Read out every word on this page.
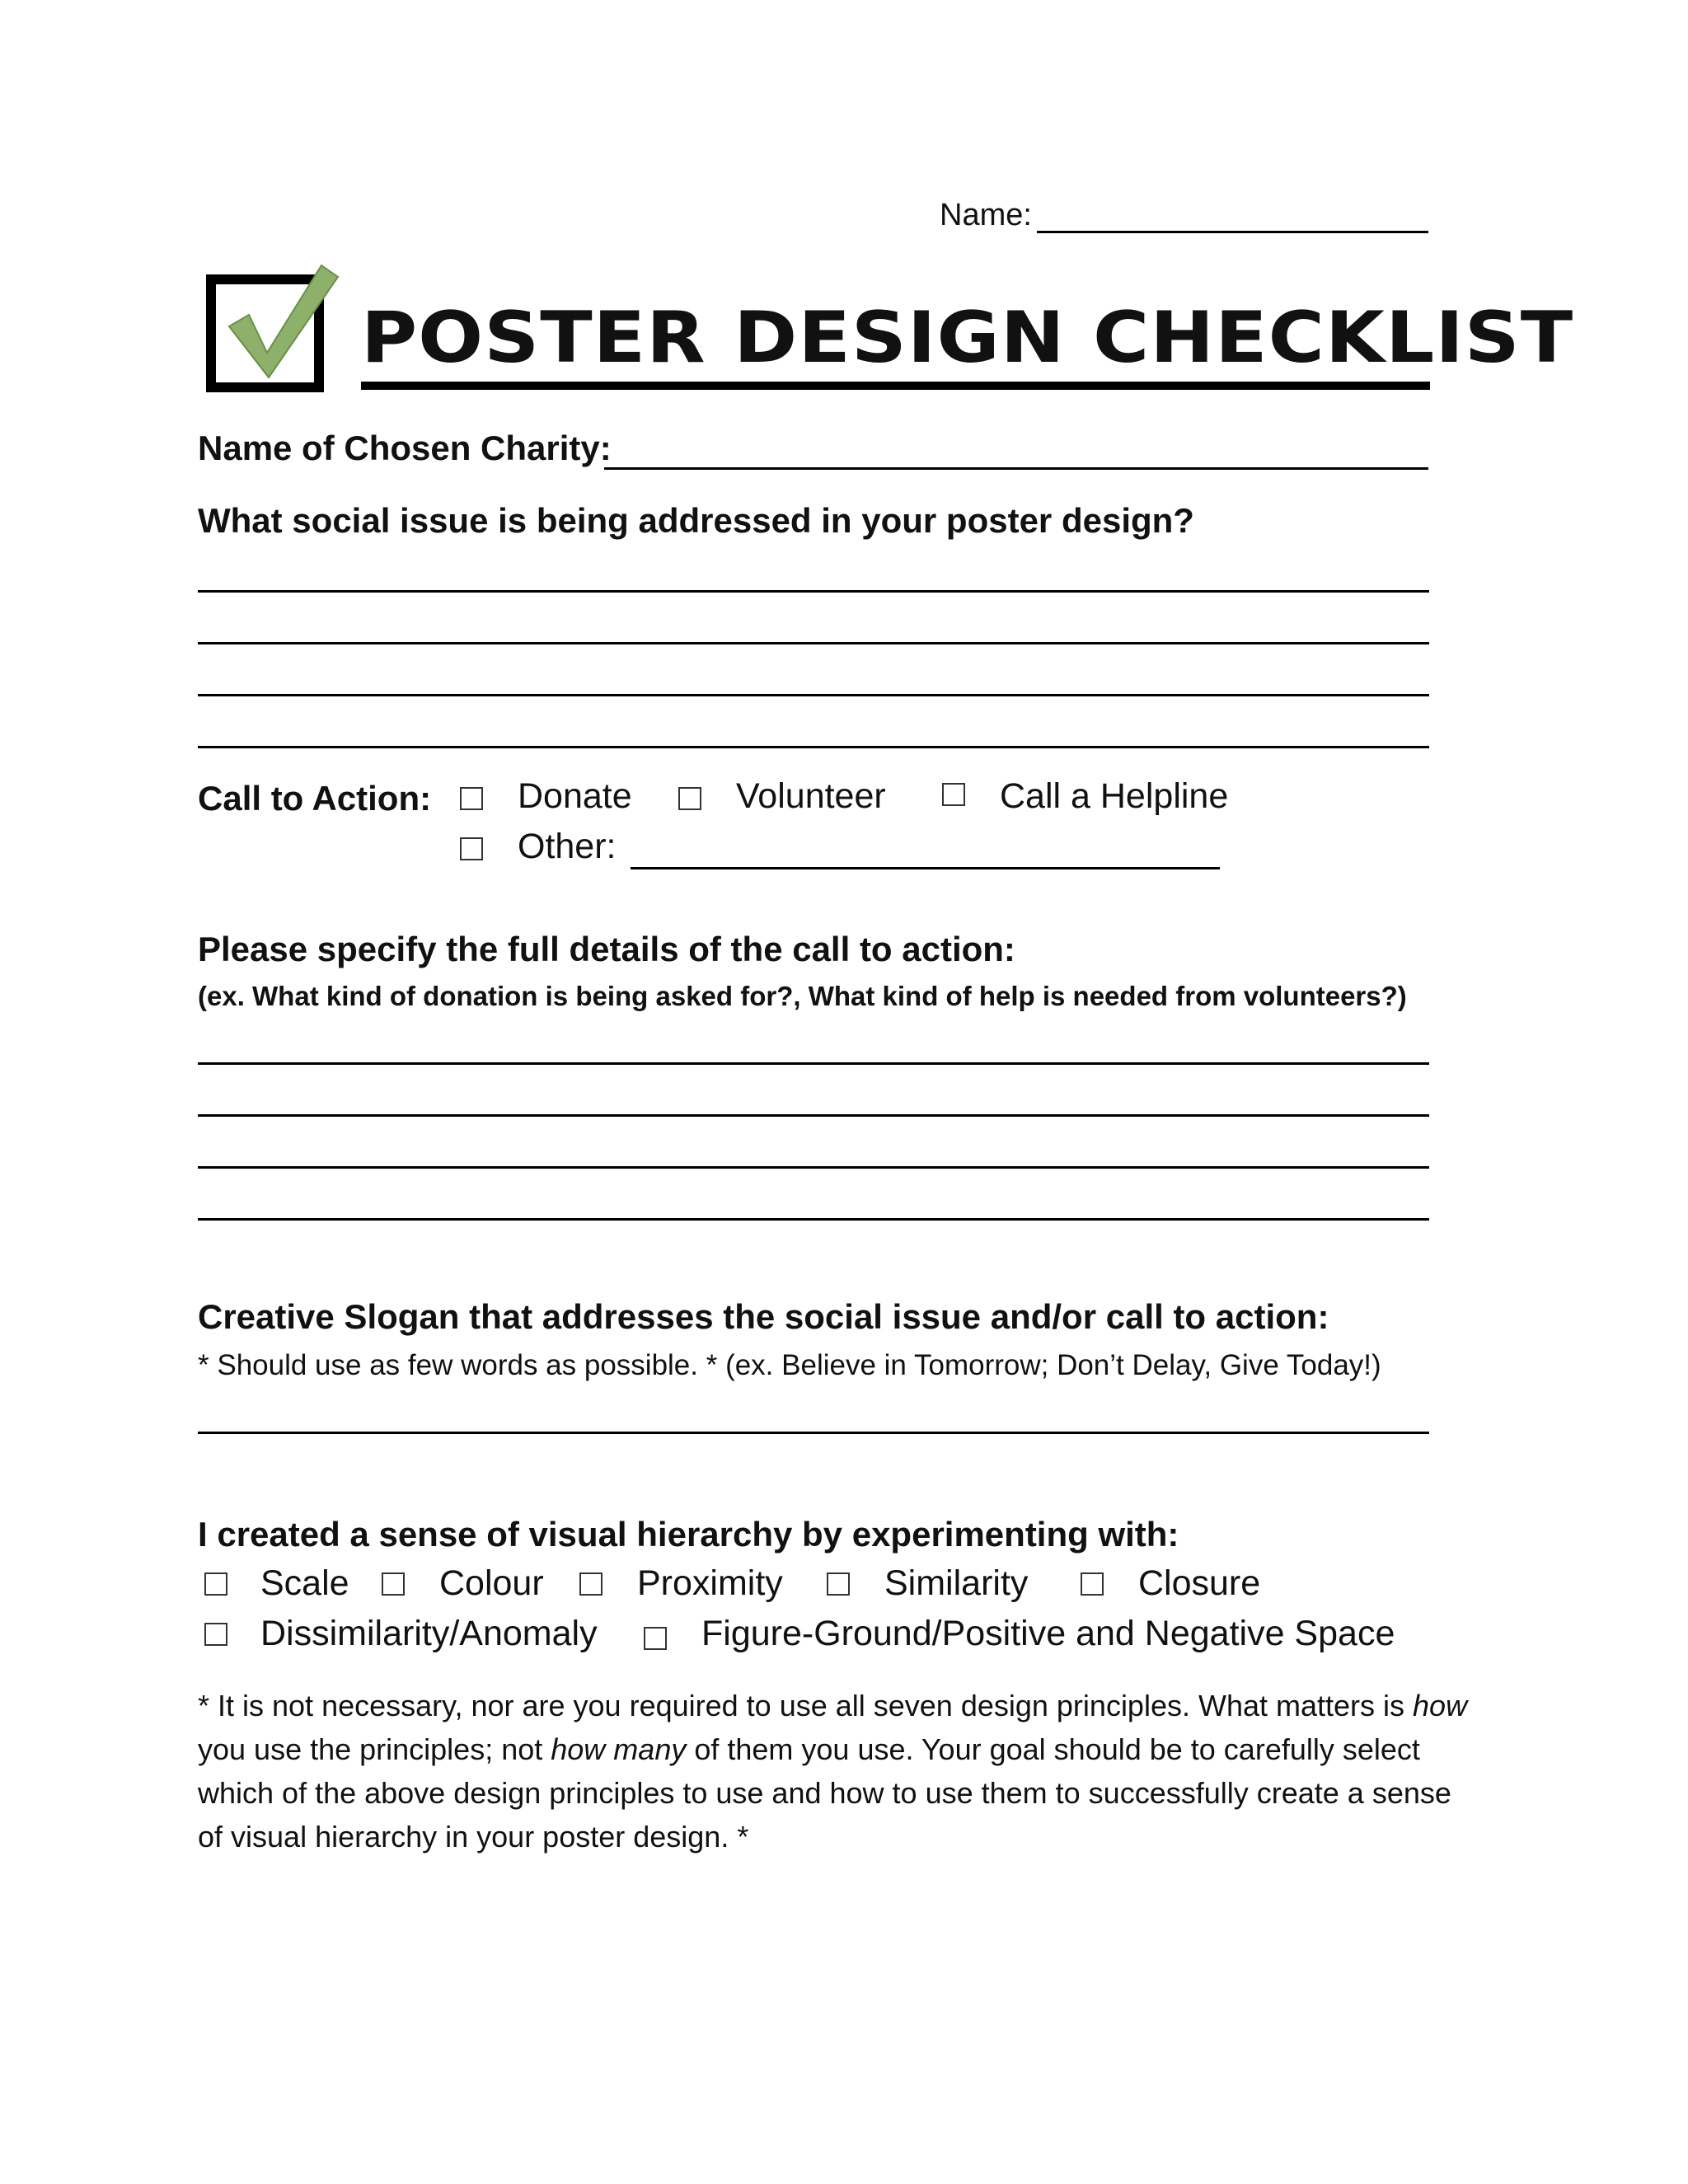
Name:
POSTER DESIGN CHECKLIST
Name of Chosen Charity:
What social issue is being addressed in your poster design?
Call to Action: Donate	Volunteer	Call a Helpline
Other:
Please specify the full details of the call to action:
(ex. What kind of donation is being asked for?, What kind of help is needed from volunteers?)
Creative Slogan that addresses the social issue and/or call to action:
* Should use as few words as possible. * (ex. Believe in Tomorrow; Don’t Delay, Give Today!)
I created a sense of visual hierarchy by experimenting with:
Scale	Colour	Proximity	Similarity	Closure
Dissimilarity/Anomaly	Figure-Ground/Positive and Negative Space
* It is not necessary, nor are you required to use all seven design principles. What matters is how you use the principles; not how many of them you use. Your goal should be to carefully select which of the above design principles to use and how to use them to successfully create a sense of visual hierarchy in your poster design. *
